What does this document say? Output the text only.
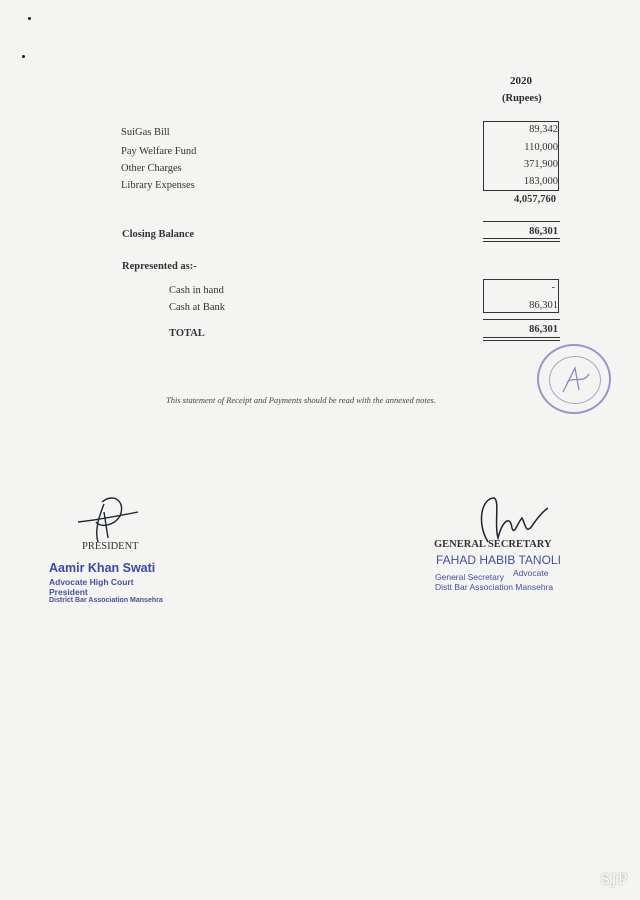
2020
(Rupees)
SuiGas Bill
Pay Welfare Fund
Other Charges
Library Expenses
89,342
110,000
371,900
183,000
4,057,760
Closing Balance	86,301
Represented as:-
Cash in hand
Cash at Bank
-
86,301
TOTAL	86,301
This statement of Receipt and Payments should be read with the annexed notes.
PRESIDENT
Aamir Khan Swati
Advocate High Court
President
District Bar Association Mansehra
GENERAL SECRETARY
FAHAD HABIB TANOLI
General Secretary Advocate
Distt Bar Association Mansehra
SJP
